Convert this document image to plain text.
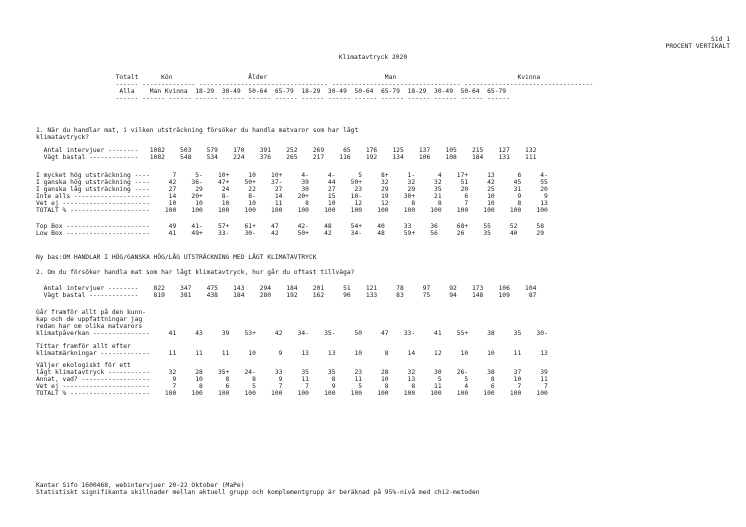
Sid 1
PROCENT VERTIKALT
Klimatavtryck 2020
Totalt      Kön                    Ålder                               Man                                Kvinna
------ -------------- ---------------------------------- ---------------------------------- ----------------------------------
Alla    Man Kvinna  18-29  30-49  50-64  65-79  18-29  30-49  50-64  65-79  18-29  30-49  50-64  65-79
------ ------ ------ ------ ------ ------ ------ ------ ------ ------ ------ ------ ------ ------ ------
1. När du handlar mat, i vilken utsträckning försöker du handla matvaror som har lågt
klimatavtryck?
Antal intervjuer --------   1082    503    579    170    391    252    269     65    176    125    137    105    215    127    132
Vägt bastal -------------   1082    548    534    224    376    265    217    116    192    134    106    108    184    131    111
I mycket hög utsträckning ----      7     5-    10+     10    10+     4-     4-      5     8+     1-      4    17+     13      6     4-
I ganska hög utsträckning ----     42    36-    47+    50+    37-     39     44    50+     32     32     32     51     42     45     55
I ganska låg utsträckning ----     27     29     24     22     27     30     27     23     29     29     35     20     25     31     20
Inte alls --------------------     14    20+     8-     8-     14    20+     15    10-     19    30+     21      6     10      9      9
Vet ej -----------------------     10     10     10     10     11      8     10     12     12      8      8      7     10      8     13
TOTALT % ---------------------    100    100    100    100    100    100    100    100    100    100    100    100    100    100    100
Top Box ----------------------     49    41-    57+    61+    47     42-    48     54+    40     33     36     68+    55     52     58
Low Box ----------------------     41    49+    33-    30-    42     50+    42     34-    48     59+    56     26     35     40     29
Ny bas:OM HANDLAR I HÖG/GANSKA HÖG/LÅG UTSTRÄCKNING MED LÅGT KLIMATAVTRYCK
2. Om du försöker handla mat som har lågt klimatavtryck, hur går du oftast tillväga?
Antal intervjuer --------    822    347    475    143    294    184    201     51    121     78     97     92    173    106    104
Vägt bastal -------------    819    381    438    184    280    192    162     90    133     83     75     94    148    109     87
Går framför allt på den kunn-
kap och de uppfattningar jag
redan har om olika matvarors
klimatpåverkan ---------------     41     43     39    53+     42    34-    35-     50     47    33-     41    55+     38     35    30-
Tittar framför allt efter
klimatmärkningar -------------     11     11     11     10      9     13     13     10      8     14     12     10     10     11     13
Väljer ekologiskt för ett
lågt klimatavtryck -----------     32     28    35+    24-     33     35     35     23     28     32     30    26-     38     37     39
Annat, vad? ------------------      9     10      8      8      9     11      8     11     10     13      5      5      8     10     11
Vet ej -----------------------      7      8      6      5      7      7      9      5      8      8     11      4      6      7      7
TOTALT % ---------------------    100    100    100    100    100    100    100    100    100    100    100    100    100    100    100
Kantar Sifo 1600468, webintervjuer 20-22 Oktober (MaPe)
Statistiskt signifikanta skillnader mellan aktuell grupp och komplementgrupp är beräknad på 95%-nivå med chi2-metoden
